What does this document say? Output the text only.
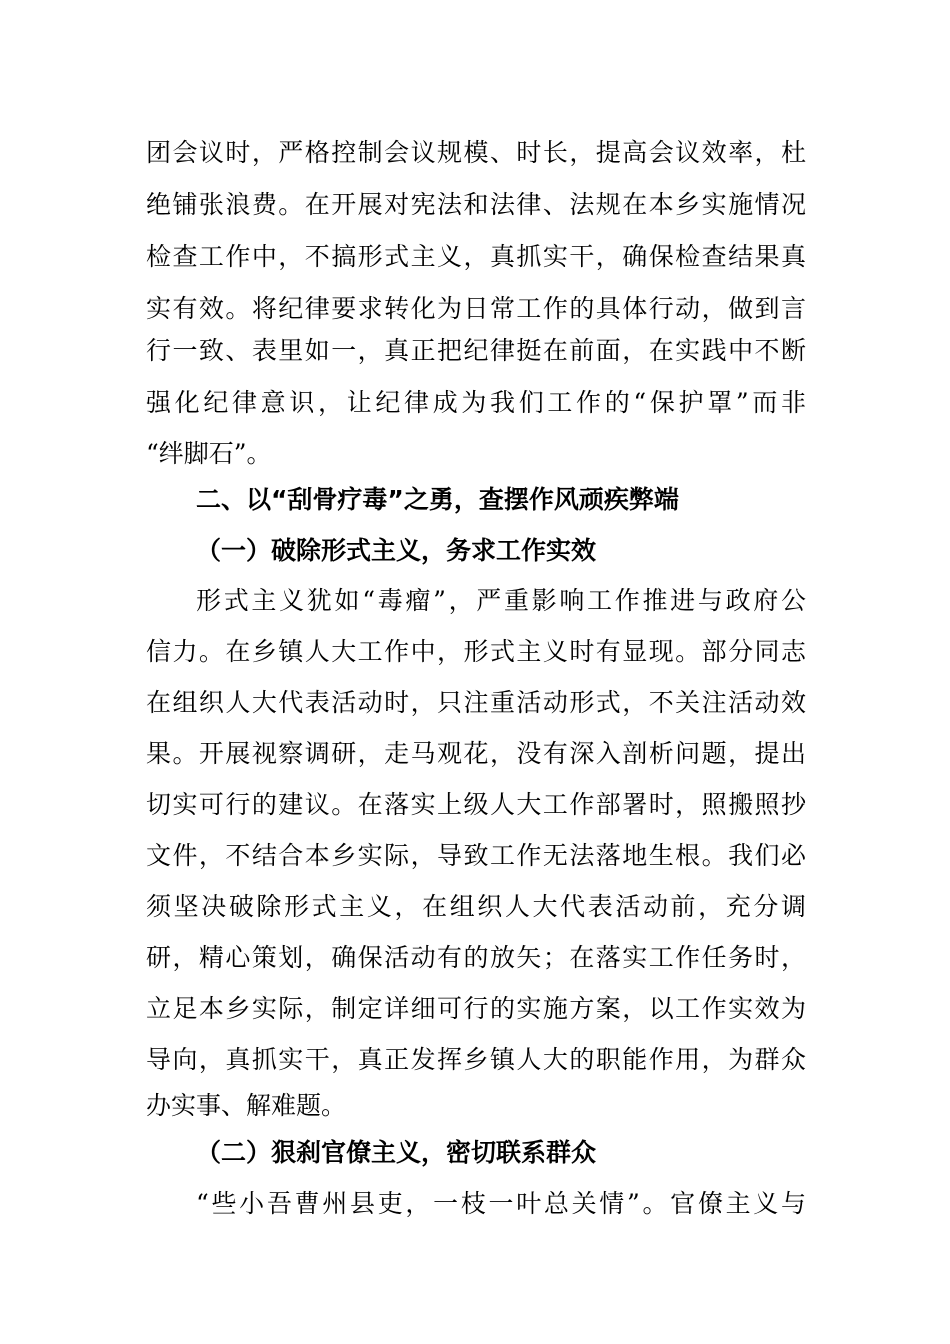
团会议时，严格控制会议规模、时长，提高会议效率，杜
绝铺张浪费。在开展对宪法和法律、法规在本乡实施情况
检查工作中，不搞形式主义，真抓实干，确保检查结果真
实有效。将纪律要求转化为日常工作的具体行动，做到言
行一致、表里如一，真正把纪律挺在前面，在实践中不断
强化纪律意识，让纪律成为我们工作的“保护罩”而非
“绊脚石”。
二、以“刮骨疗毒”之勇，查摆作风顽疾弊端
（一）破除形式主义，务求工作实效
形式主义犹如“毒瘤”，严重影响工作推进与政府公
信力。在乡镇人大工作中，形式主义时有显现。部分同志
在组织人大代表活动时，只注重活动形式，不关注活动效
果。开展视察调研，走马观花，没有深入剖析问题，提出
切实可行的建议。在落实上级人大工作部署时，照搬照抄
文件，不结合本乡实际，导致工作无法落地生根。我们必
须坚决破除形式主义，在组织人大代表活动前，充分调
研，精心策划，确保活动有的放矢；在落实工作任务时，
立足本乡实际，制定详细可行的实施方案，以工作实效为
导向，真抓实干，真正发挥乡镇人大的职能作用，为群众
办实事、解难题。
（二）狠刹官僚主义，密切联系群众
“些小吾曹州县吏，一枝一叶总关情”。官僚主义与
